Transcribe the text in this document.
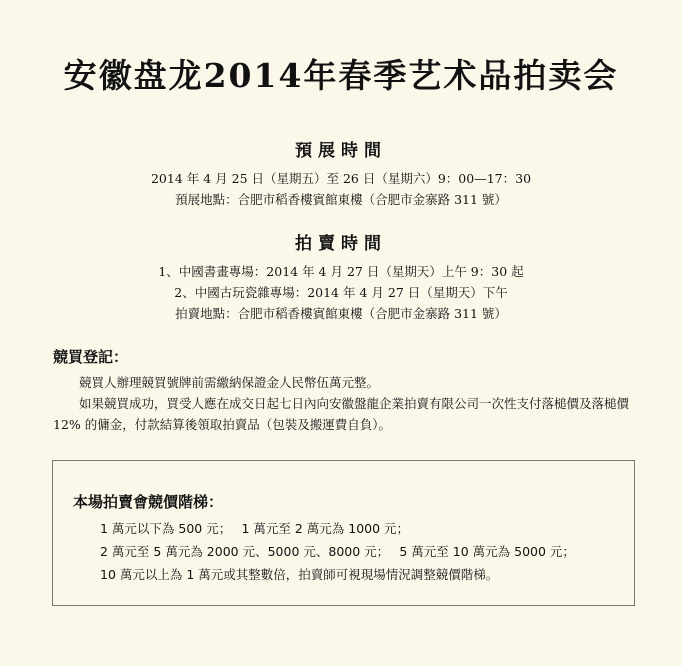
安徽盘龙2014年春季艺术品拍卖会
預展時間
2014 年 4 月 25 日（星期五）至 26 日（星期六）9：00—17：30
預展地點：合肥市稻香樓賓館東樓（合肥市金寨路 311 號）
拍賣時間
1、中國書畫專場：2014 年 4 月 27 日（星期天）上午 9：30 起
2、中國古玩瓷雜專場：2014 年 4 月 27 日（星期天）下午
拍賣地點：合肥市稻香樓賓館東樓（合肥市金寨路 311 號）
競買登記：
競買人辦理競買號牌前需繳納保證金人民幣伍萬元整。
如果競買成功，買受人應在成交日起七日內向安徽盤龍企業拍賣有限公司一次性支付落槌價及落槌價 12% 的傭金，付款結算後領取拍賣品（包裝及搬運費自負）。
本場拍賣會競價階梯：
1 萬元以下為 500 元；　 1 萬元至 2 萬元為 1000 元；
2 萬元至 5 萬元為 2000 元、5000 元、8000 元；　 5 萬元至 10 萬元為 5000 元；
10 萬元以上為 1 萬元或其整數倍，拍賣師可視現場情況調整競價階梯。
